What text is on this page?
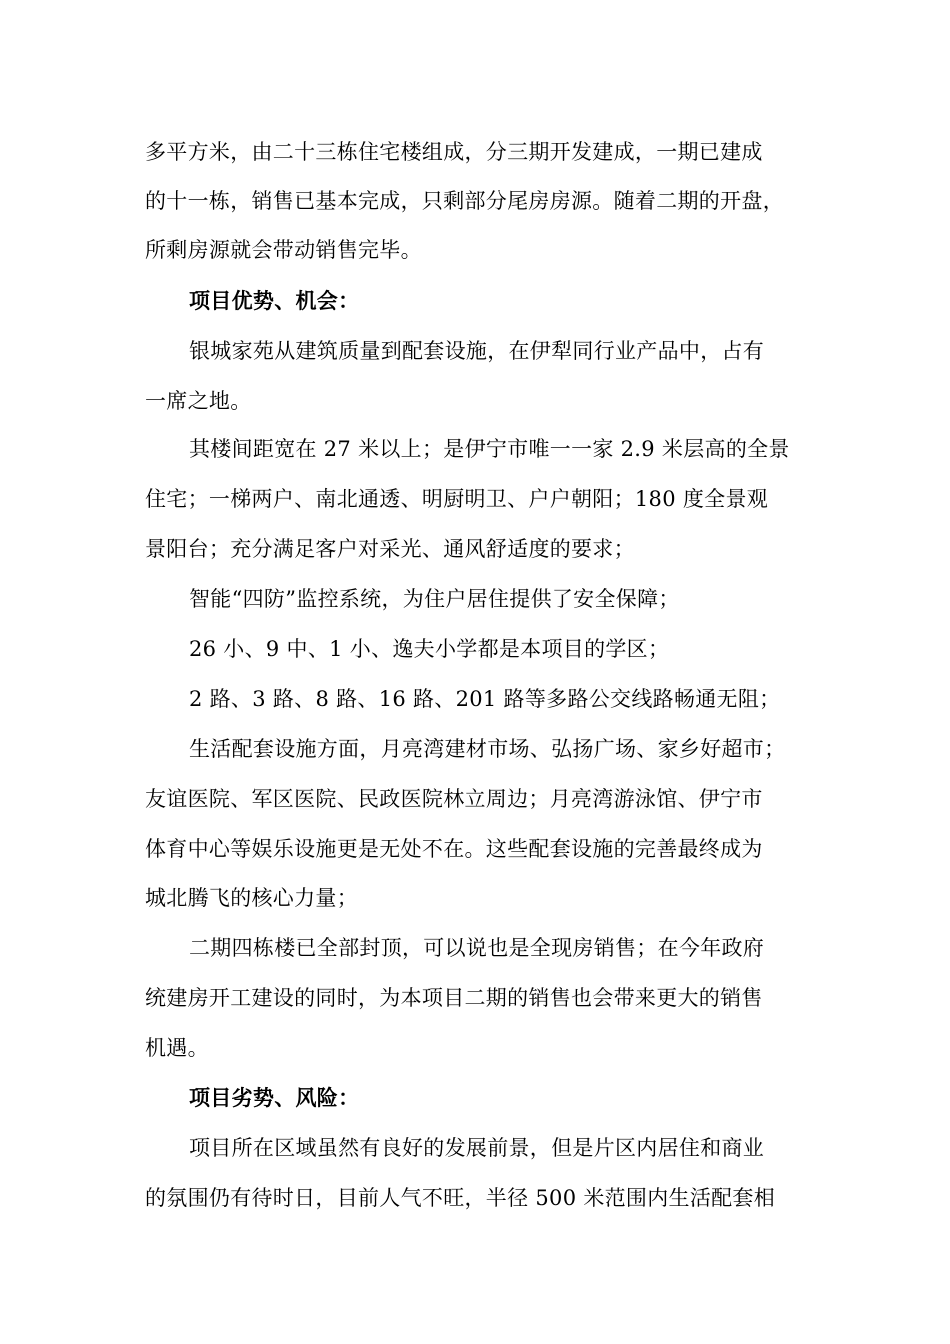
多平方米，由二十三栋住宅楼组成，分三期开发建成，一期已建成
的十一栋，销售已基本完成，只剩部分尾房房源。随着二期的开盘，
所剩房源就会带动销售完毕。
项目优势、机会：
银城家苑从建筑质量到配套设施，在伊犁同行业产品中，占有
一席之地。
其楼间距宽在 27 米以上；是伊宁市唯一一家 2.9 米层高的全景
住宅；一梯两户、南北通透、明厨明卫、户户朝阳；180 度全景观
景阳台；充分满足客户对采光、通风舒适度的要求；
智能“四防”监控系统，为住户居住提供了安全保障；
26 小、9 中、1 小、逸夫小学都是本项目的学区；
2 路、3 路、8 路、16 路、201 路等多路公交线路畅通无阻；
生活配套设施方面，月亮湾建材市场、弘扬广场、家乡好超市；
友谊医院、军区医院、民政医院林立周边；月亮湾游泳馆、伊宁市
体育中心等娱乐设施更是无处不在。这些配套设施的完善最终成为
城北腾飞的核心力量；
二期四栋楼已全部封顶，可以说也是全现房销售；在今年政府
统建房开工建设的同时，为本项目二期的销售也会带来更大的销售
机遇。
项目劣势、风险：
项目所在区域虽然有良好的发展前景，但是片区内居住和商业
的氛围仍有待时日，目前人气不旺，半径 500 米范围内生活配套相
